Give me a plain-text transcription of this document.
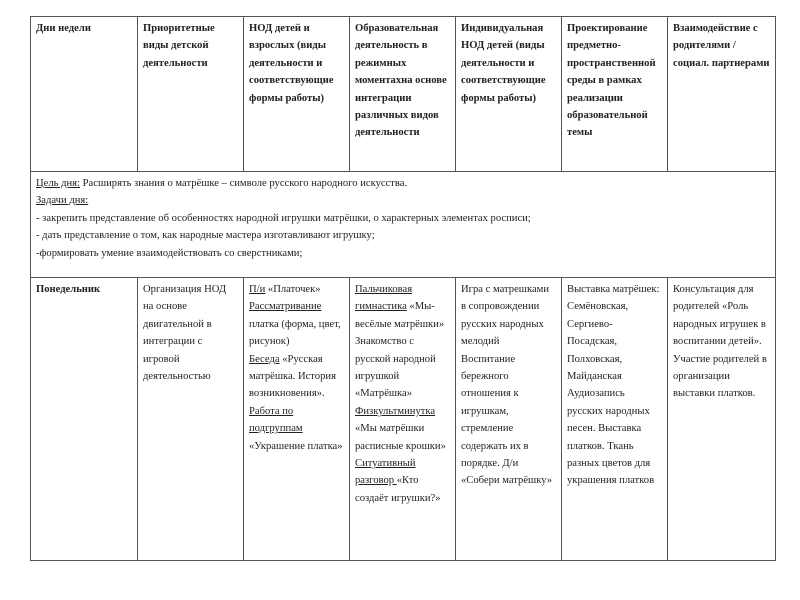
Дни недели	Приоритетные виды детской деятельности	НОД детей и взрослых (виды деятельности и соответствующие формы работы)	Образовательная деятельность в режимных моментахна основе интеграции различных видов деятельности	Индивидуальная НОД детей (виды деятельности и соответствующие формы работы)	Проектирование предметно-пространственной среды в рамках реализации образовательной темы	Взаимодействие с родителями / социал. партнерами

Цель дня: Расширять знания о матрёшке – символе русского народного искусства.
Задачи дня:
- закрепить представление об особенностях народной игрушки матрёшки, о характерных элементах росписи;
- дать представление о том, как народные мастера изготавливают игрушку;
-формировать умение взаимодействовать со сверстниками;						

Понедельник	Организация НОД на основе двигательной в интеграции с игровой деятельностью	П/и «Платочек»
Рассматривание платка (форма, цвет, рисунок)
Беседа «Русская матрёшка. История возникновения».
Работа по подгруппам «Украшение платка»	Пальчиковая гимнастика «Мы-весёлые матрёшки» Знакомство с русской народной игрушкой «Матрёшка»
Физкультминутка «Мы матрёшки расписные крошки»
Ситуативный разговор «Кто создаёт игрушки?»	Игра с матрешками в сопровождении русских народных мелодий Воспитание бережного отношения к игрушкам, стремление содержать их в порядке. Д/и «Собери матрёшку»	Выставка матрёшек: Семёновская, Сергиево-Посадская, Полховская, Майданская Аудиозапись русских народных песен. Выставка платков. Ткань разных цветов для украшения платков	Консультация для родителей «Роль народных игрушек в воспитании детей». Участие родителей в организации выставки платков.
